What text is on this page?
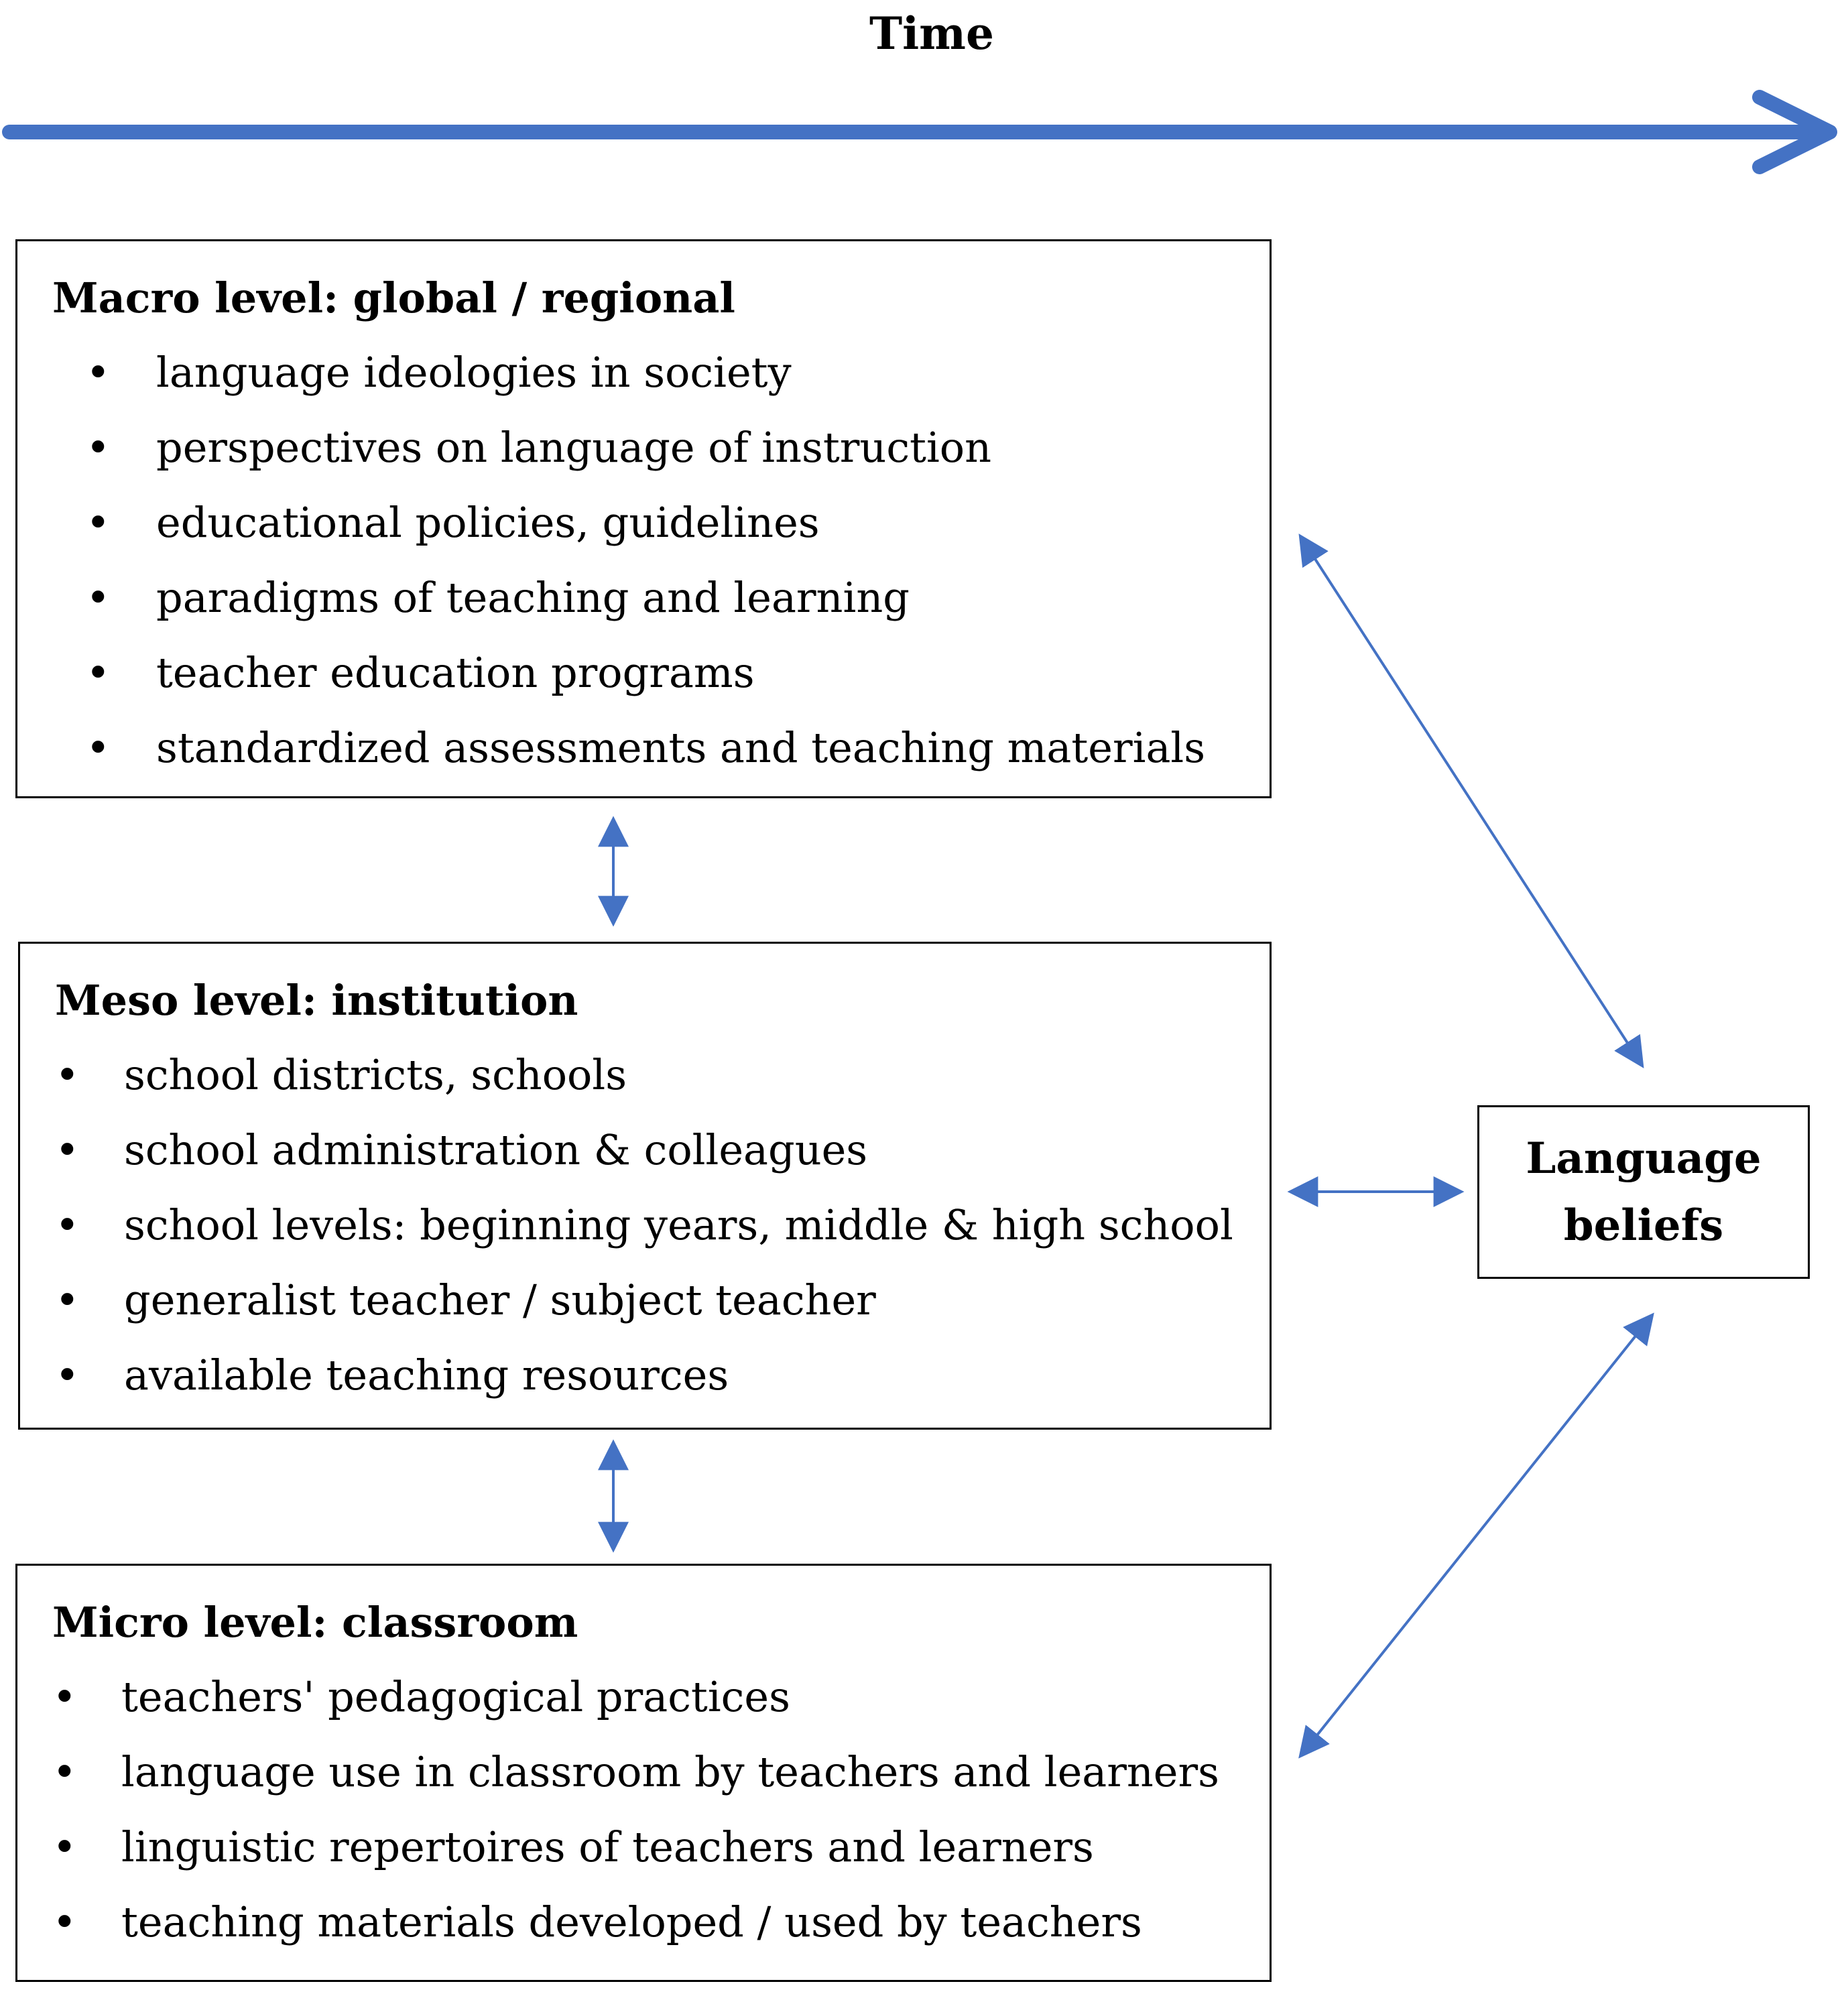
Time
Macro level: global / regional
• language ideologies in society
• perspectives on language of instruction
• educational policies, guidelines
• paradigms of teaching and learning
• teacher education programs
• standardized assessments and teaching materials
Meso level: institution
• school districts, schools
• school administration & colleagues
• school levels: beginning years, middle & high school
• generalist teacher / subject teacher
• available teaching resources
Micro level: classroom
• teachers' pedagogical practices
• language use in classroom by teachers and learners
• linguistic repertoires of teachers and learners
• teaching materials developed / used by teachers
Language
beliefs
